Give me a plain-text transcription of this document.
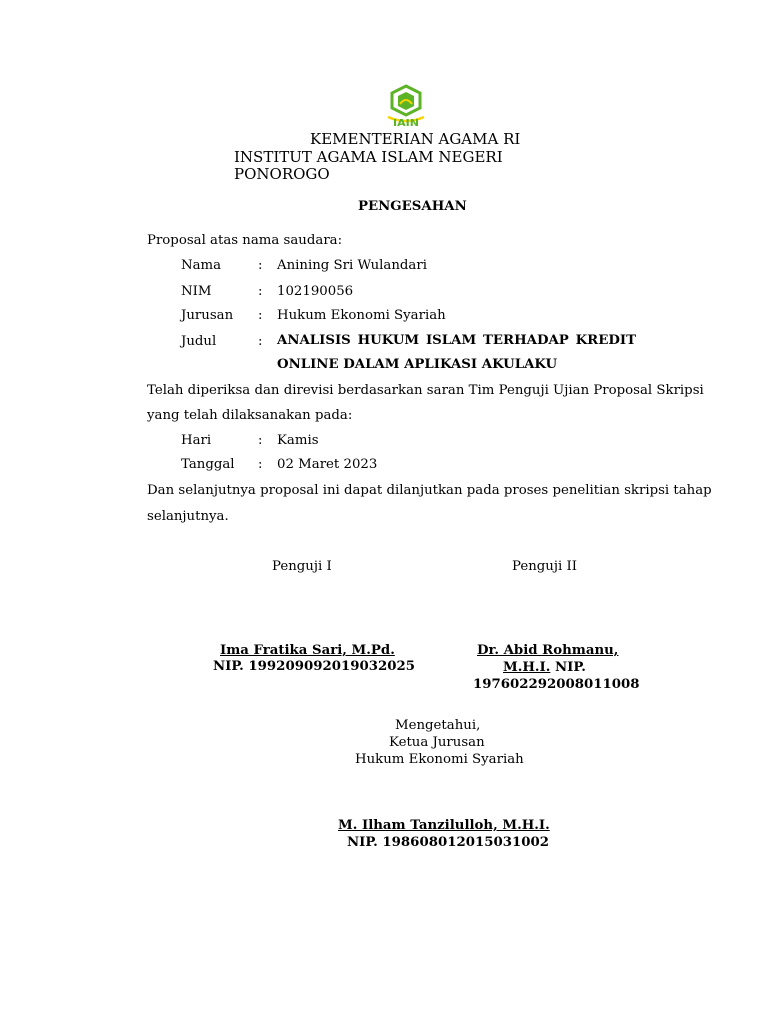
IAIN
KEMENTERIAN AGAMA RI
INSTITUT AGAMA ISLAM NEGERI
PONOROGO
PENGESAHAN
Proposal atas nama saudara:
Nama	: Anining Sri Wulandari
NIM	: 102190056
Jurusan : Hukum Ekonomi Syariah
Judul	: ANALISIS HUKUM ISLAM TERHADAP KREDIT
ONLINE DALAM APLIKASI AKULAKU
Telah diperiksa dan direvisi berdasarkan saran Tim Penguji Ujian Proposal Skripsi
yang telah dilaksanakan pada:
Hari	: Kamis
Tanggal : 02 Maret 2023
Dan selanjutnya proposal ini dapat dilanjutkan pada proses penelitian skripsi tahap
selanjutnya.
Penguji I	Penguji II
Ima Fratika Sari, M.Pd.
NIP. 199209092019032025
Dr. Abid Rohmanu,
M.H.I. NIP.
197602292008011008
Mengetahui,
Ketua Jurusan
Hukum Ekonomi Syariah
M. Ilham Tanzilulloh, M.H.I.
NIP. 198608012015031002
